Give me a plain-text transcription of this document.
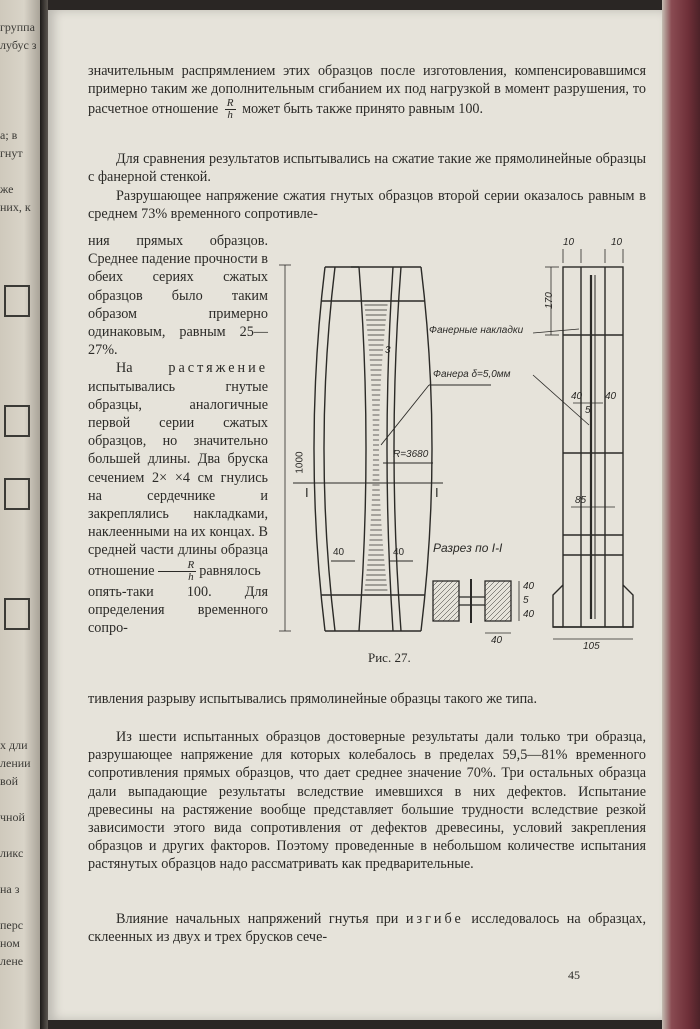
группа
лубус з
а; в
гнут
же
них, к
х дли
лении
вой
чной
ликс
на з
перс
ном
лене

значительным распрямлением этих образцов после изготовления, компенсировавшимся примерно таким же дополнительным сгибанием их под нагрузкой в момент разрушения, то расчетное отношение $\frac{R}{h}$ может быть также принято равным 100.

Для сравнения результатов испытывались на сжатие такие же прямолинейные образцы с фанерной стенкой.

Разрушающее напряжение сжатия гнутых образцов второй серии оказалось равным в среднем 73% временного сопротивле-

ния прямых образцов. Среднее падение прочности в обеих сериях сжатых образцов было таким образом примерно одинаковым, равным 25—27%.

На	растяжение испытывались гнутые образцы, аналогичные первой серии сжатых образцов, но значительно большей длины. Два бруска сечением 2× ×4 см гнулись на сердечнике и закреплялись накладками, наклеенными на их концах. В средней части длины образца отношение $\frac{R}{h}$ равнялось опять-таки 100. Для определения временного сопро-

1000
3
Фанера δ=5,0мм
R=3680
I	I
40	40
10	10
170
Фанерные накладки
40 40
5
85
105
Разрез по I-I
40
5
40
40
Рис. 27.

тивления разрыву испытывались прямолинейные образцы такого же типа.

Из шести испытанных образцов достоверные результаты дали только три образца, разрушающее напряжение для которых колебалось в пределах 59,5—81% временного сопротивления прямых образцов, что дает среднее значение 70%. Три остальных образца дали выпадающие результаты вследствие имевшихся в них дефектов. Испытание древесины на растяжение вообще представляет большие трудности вследствие резкой зависимости этого вида сопротивления от дефектов древесины, условий закрепления образцов и других факторов. Поэтому проведенные в небольшом количестве испытания растянутых образцов надо рассматривать как предварительные.

Влияние начальных напряжений гнутья при изгибе исследовалось на образцах, склеенных из двух и трех брусков сече-

45
